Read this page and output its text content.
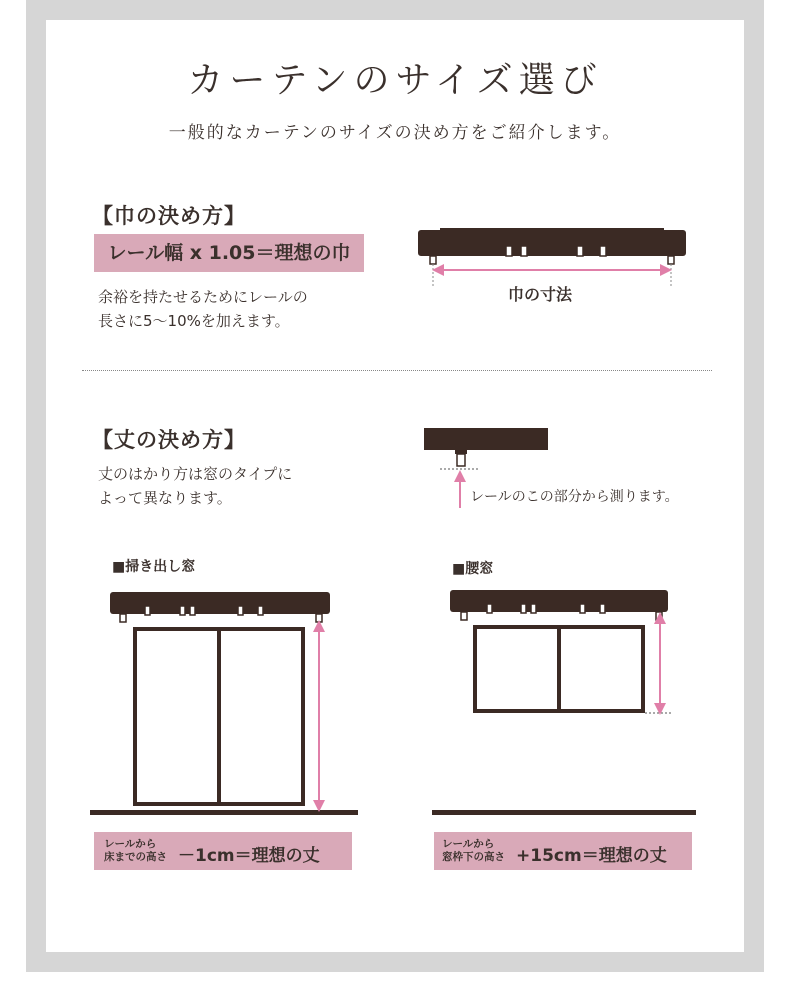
カーテンのサイズ選び
一般的なカーテンのサイズの決め方をご紹介します。
【巾の決め方】
レール幅 x 1.05＝理想の巾
余裕を持たせるためにレールの
長さに5〜10%を加えます。
巾の寸法
【丈の決め方】
丈のはかり方は窓のタイプに
よって異なります。	レールのこの部分から測ります。
■掃き出し窓	■腰窓
レールから
床までの高さ －1cm＝理想の丈
レールから
窓枠下の高さ +15cm＝理想の丈
